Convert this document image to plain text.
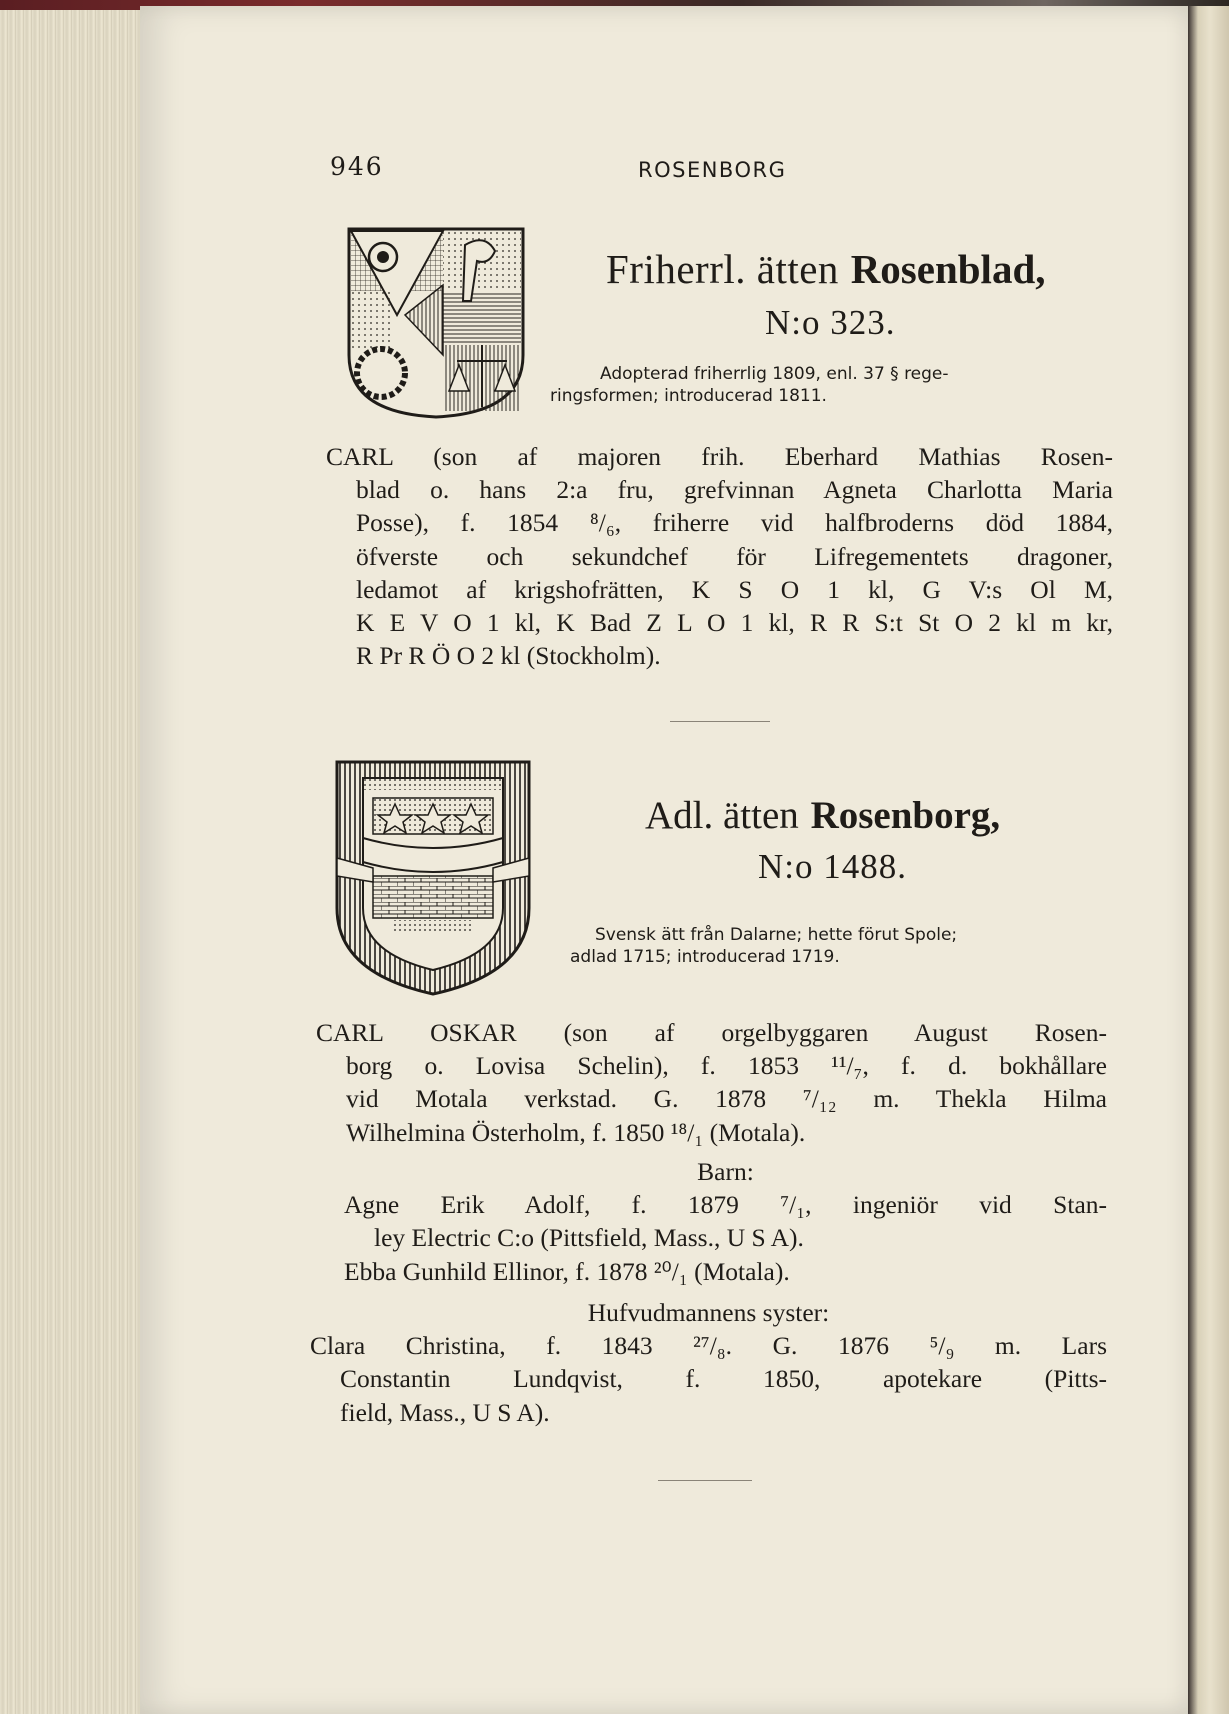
946	ROSENBORG
Friherrl. ätten Rosenblad,
N:o 323.
Adopterad friherrlig 1809, enl. 37 § rege-
ringsformen; introducerad 1811.
CARL (son af majoren frih. Eberhard Mathias Rosen-
blad o. hans 2:a fru, grefvinnan Agneta Charlotta Maria
Posse), f. 1854 ⁸/₆, friherre vid halfbroderns död 1884,
öfverste och sekundchef för Lifregementets dragoner,
ledamot af krigshofrätten, K S O 1 kl, G V:s Ol M,
K E V O 1 kl, K Bad Z L O 1 kl, R R S:t St O 2 kl m kr,
R Pr R Ö O 2 kl (Stockholm).
Adl. ätten Rosenborg,
N:o 1488.
Svensk ätt från Dalarne; hette förut Spole;
adlad 1715; introducerad 1719.
CARL OSKAR (son af orgelbyggaren August Rosen-
borg o. Lovisa Schelin), f. 1853 ¹¹/₇, f. d. bokhållare
vid Motala verkstad. G. 1878 ⁷/₁₂ m. Thekla Hilma
Wilhelmina Österholm, f. 1850 ¹⁸/₁ (Motala).
Barn:
Agne Erik Adolf, f. 1879 ⁷/₁, ingeniör vid Stan-
ley Electric C:o (Pittsfield, Mass., U S A).
Ebba Gunhild Ellinor, f. 1878 ²⁰/₁ (Motala).
Hufvudmannens syster:
Clara Christina, f. 1843 ²⁷/₈. G. 1876 ⁵/₉ m. Lars
Constantin Lundqvist, f. 1850, apotekare (Pitts-
field, Mass., U S A).
